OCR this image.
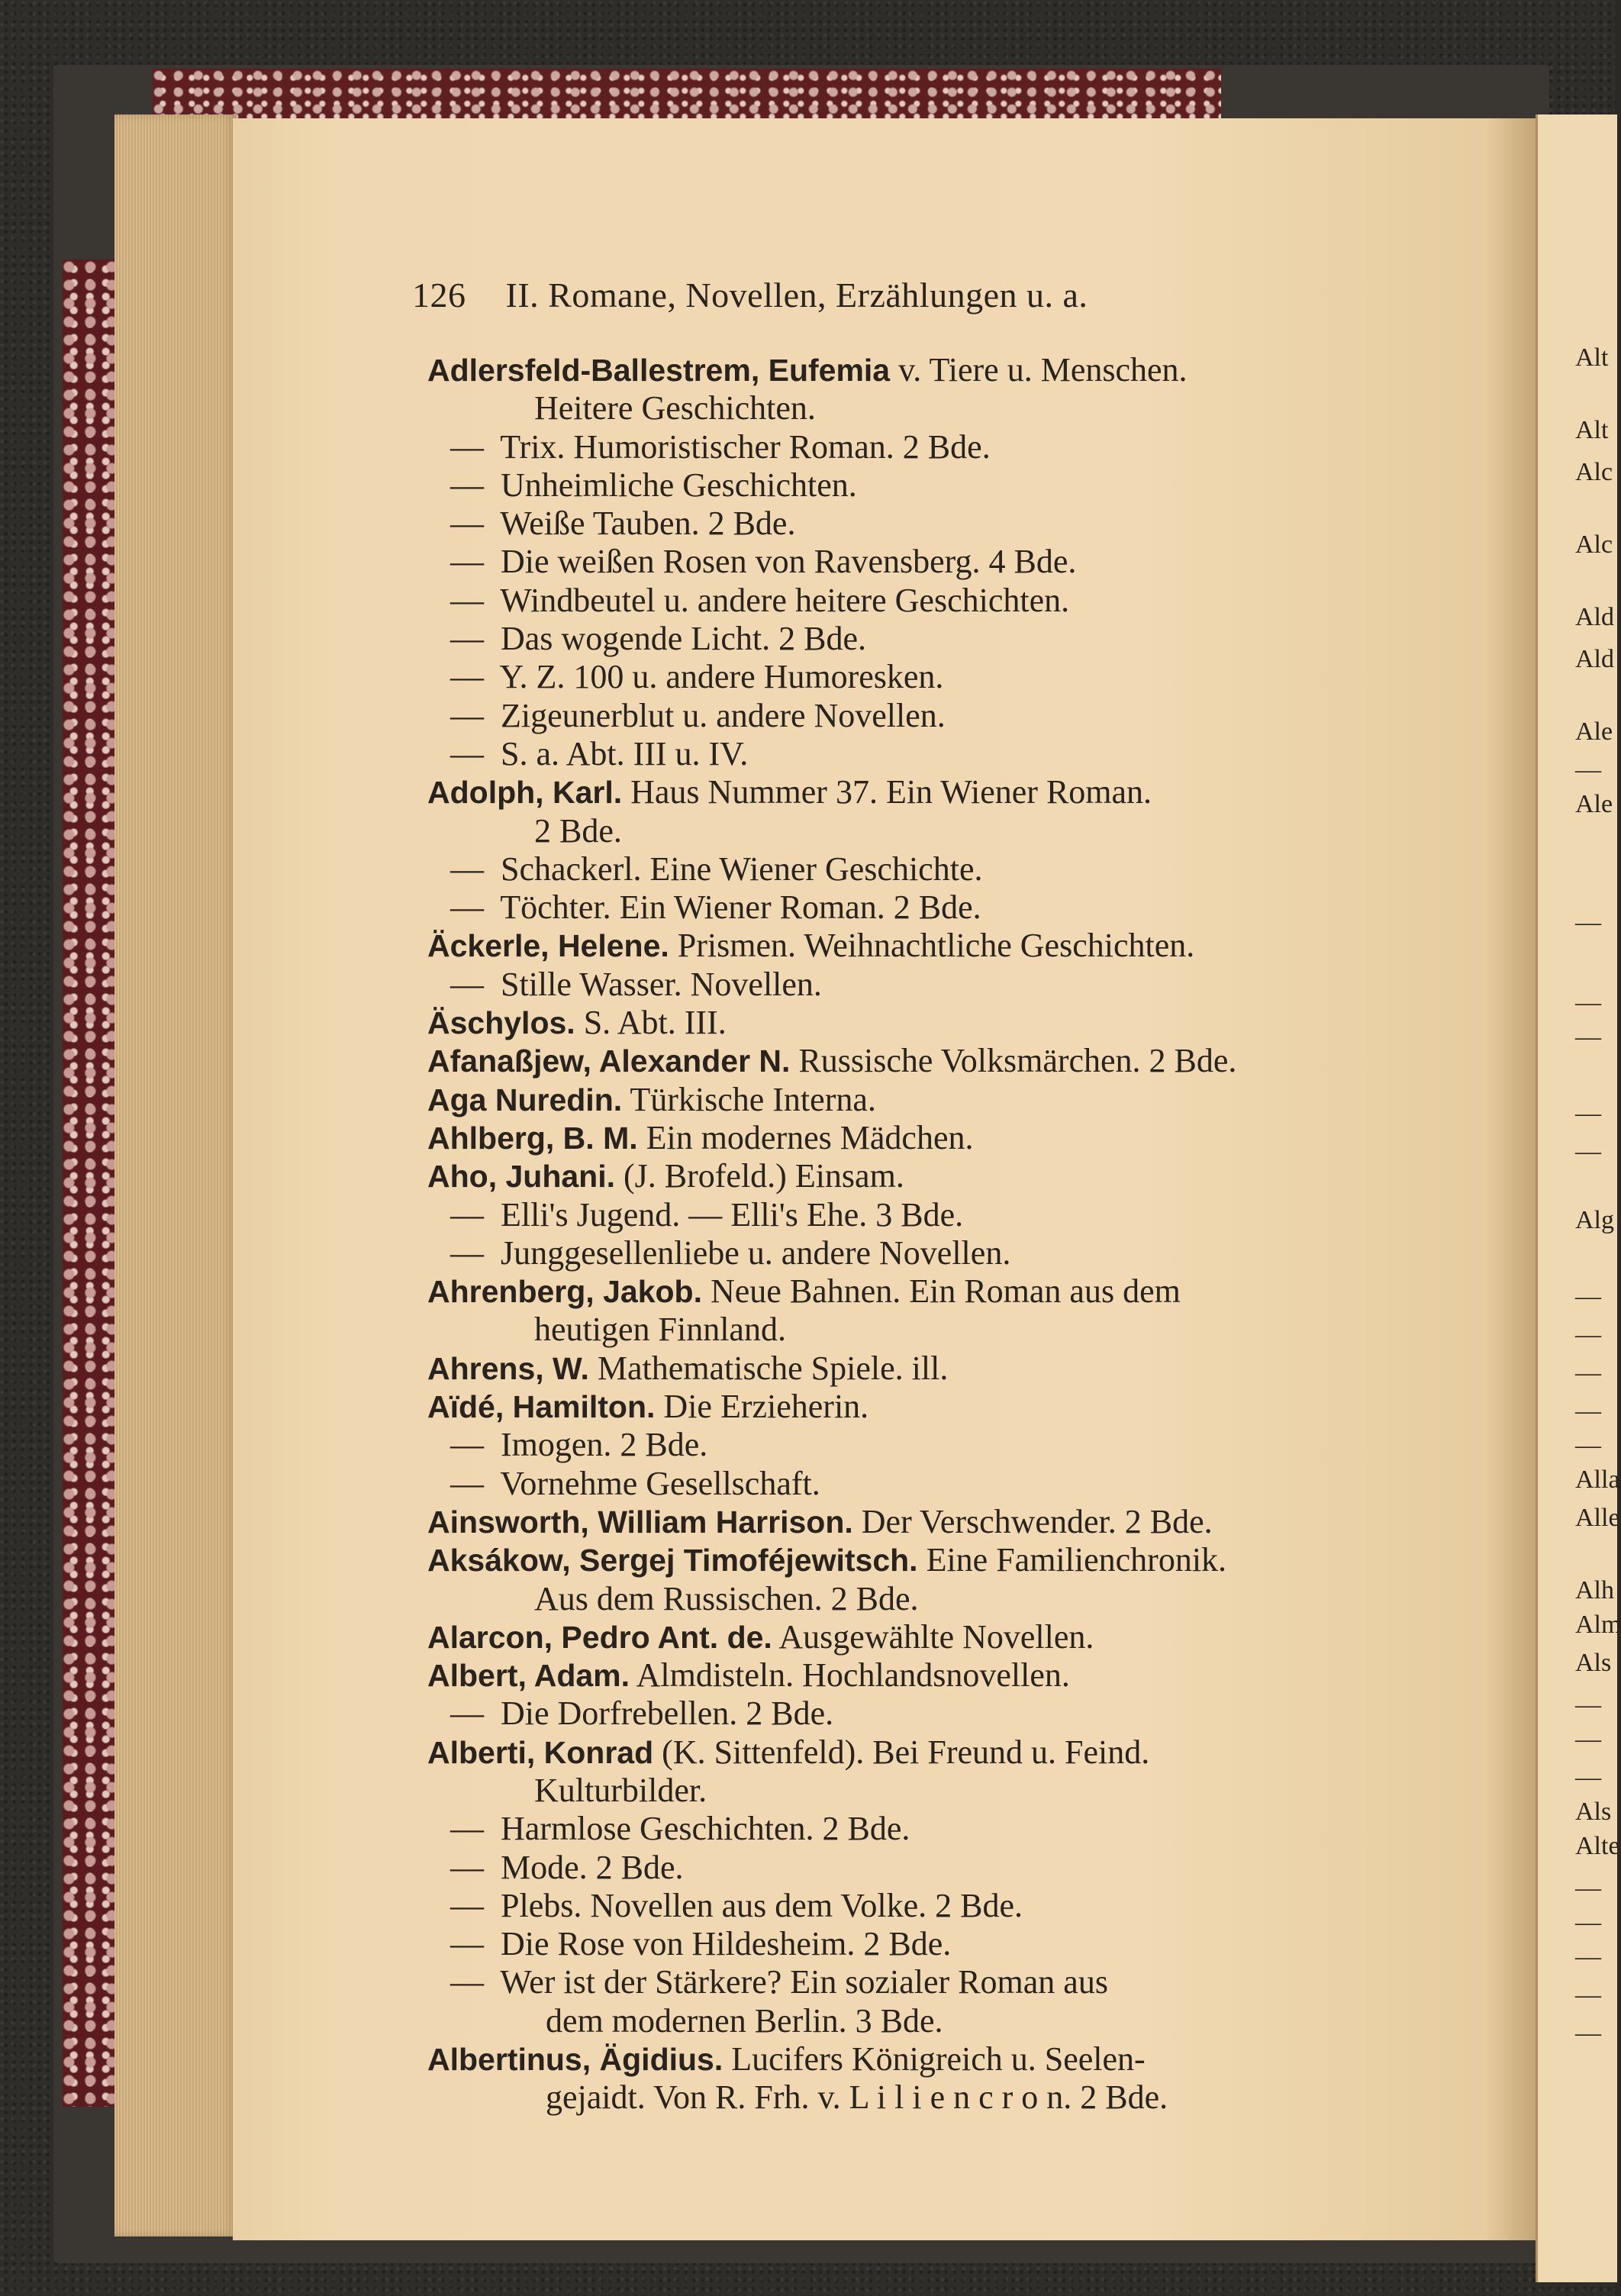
126 II. Romane, Novellen, Erzählungen u. a.
Adlersfeld-Ballestrem, Eufemia v. Tiere u. Menschen.
Heitere Geschichten.
— Trix. Humoristischer Roman. 2 Bde.
— Unheimliche Geschichten.
— Weiße Tauben. 2 Bde.
— Die weißen Rosen von Ravensberg. 4 Bde.
— Windbeutel u. andere heitere Geschichten.
— Das wogende Licht. 2 Bde.
— Y. Z. 100 u. andere Humoresken.
— Zigeunerblut u. andere Novellen.
— S. a. Abt. III u. IV.
Adolph, Karl. Haus Nummer 37. Ein Wiener Roman.
2 Bde.
— Schackerl. Eine Wiener Geschichte.
— Töchter. Ein Wiener Roman. 2 Bde.
Äckerle, Helene. Prismen. Weihnachtliche Geschichten.
— Stille Wasser. Novellen.
Äschylos. S. Abt. III.
Afanaßjew, Alexander N. Russische Volksmärchen. 2 Bde.
Aga Nuredin. Türkische Interna.
Ahlberg, B. M. Ein modernes Mädchen.
Aho, Juhani. (J. Brofeld.) Einsam.
— Elli's Jugend. — Elli's Ehe. 3 Bde.
— Junggesellenliebe u. andere Novellen.
Ahrenberg, Jakob. Neue Bahnen. Ein Roman aus dem
heutigen Finnland.
Ahrens, W. Mathematische Spiele. ill.
Aïdé, Hamilton. Die Erzieherin.
— Imogen. 2 Bde.
— Vornehme Gesellschaft.
Ainsworth, William Harrison. Der Verschwender. 2 Bde.
Aksákow, Sergej Timoféjewitsch. Eine Familienchronik.
Aus dem Russischen. 2 Bde.
Alarcon, Pedro Ant. de. Ausgewählte Novellen.
Albert, Adam. Almdisteln. Hochlandsnovellen.
— Die Dorfrebellen. 2 Bde.
Alberti, Konrad (K. Sittenfeld). Bei Freund u. Feind.
Kulturbilder.
— Harmlose Geschichten. 2 Bde.
— Mode. 2 Bde.
— Plebs. Novellen aus dem Volke. 2 Bde.
— Die Rose von Hildesheim. 2 Bde.
— Wer ist der Stärkere? Ein sozialer Roman aus
dem modernen Berlin. 3 Bde.
Albertinus, Ägidius. Lucifers Königreich u. Seelen-
gejaidt. Von R. Frh. v. L i l i e n c r o n. 2 Bde.
Alt
Alt
Alc
Alc
Ald
Ald
Ale
—
Ale
—
—
—
—
—
Alg
—
—
—
—
—
Alla
Alle
Alh
Alm
Als
—
—
—
Als
Alte
—
—
—
—
—
